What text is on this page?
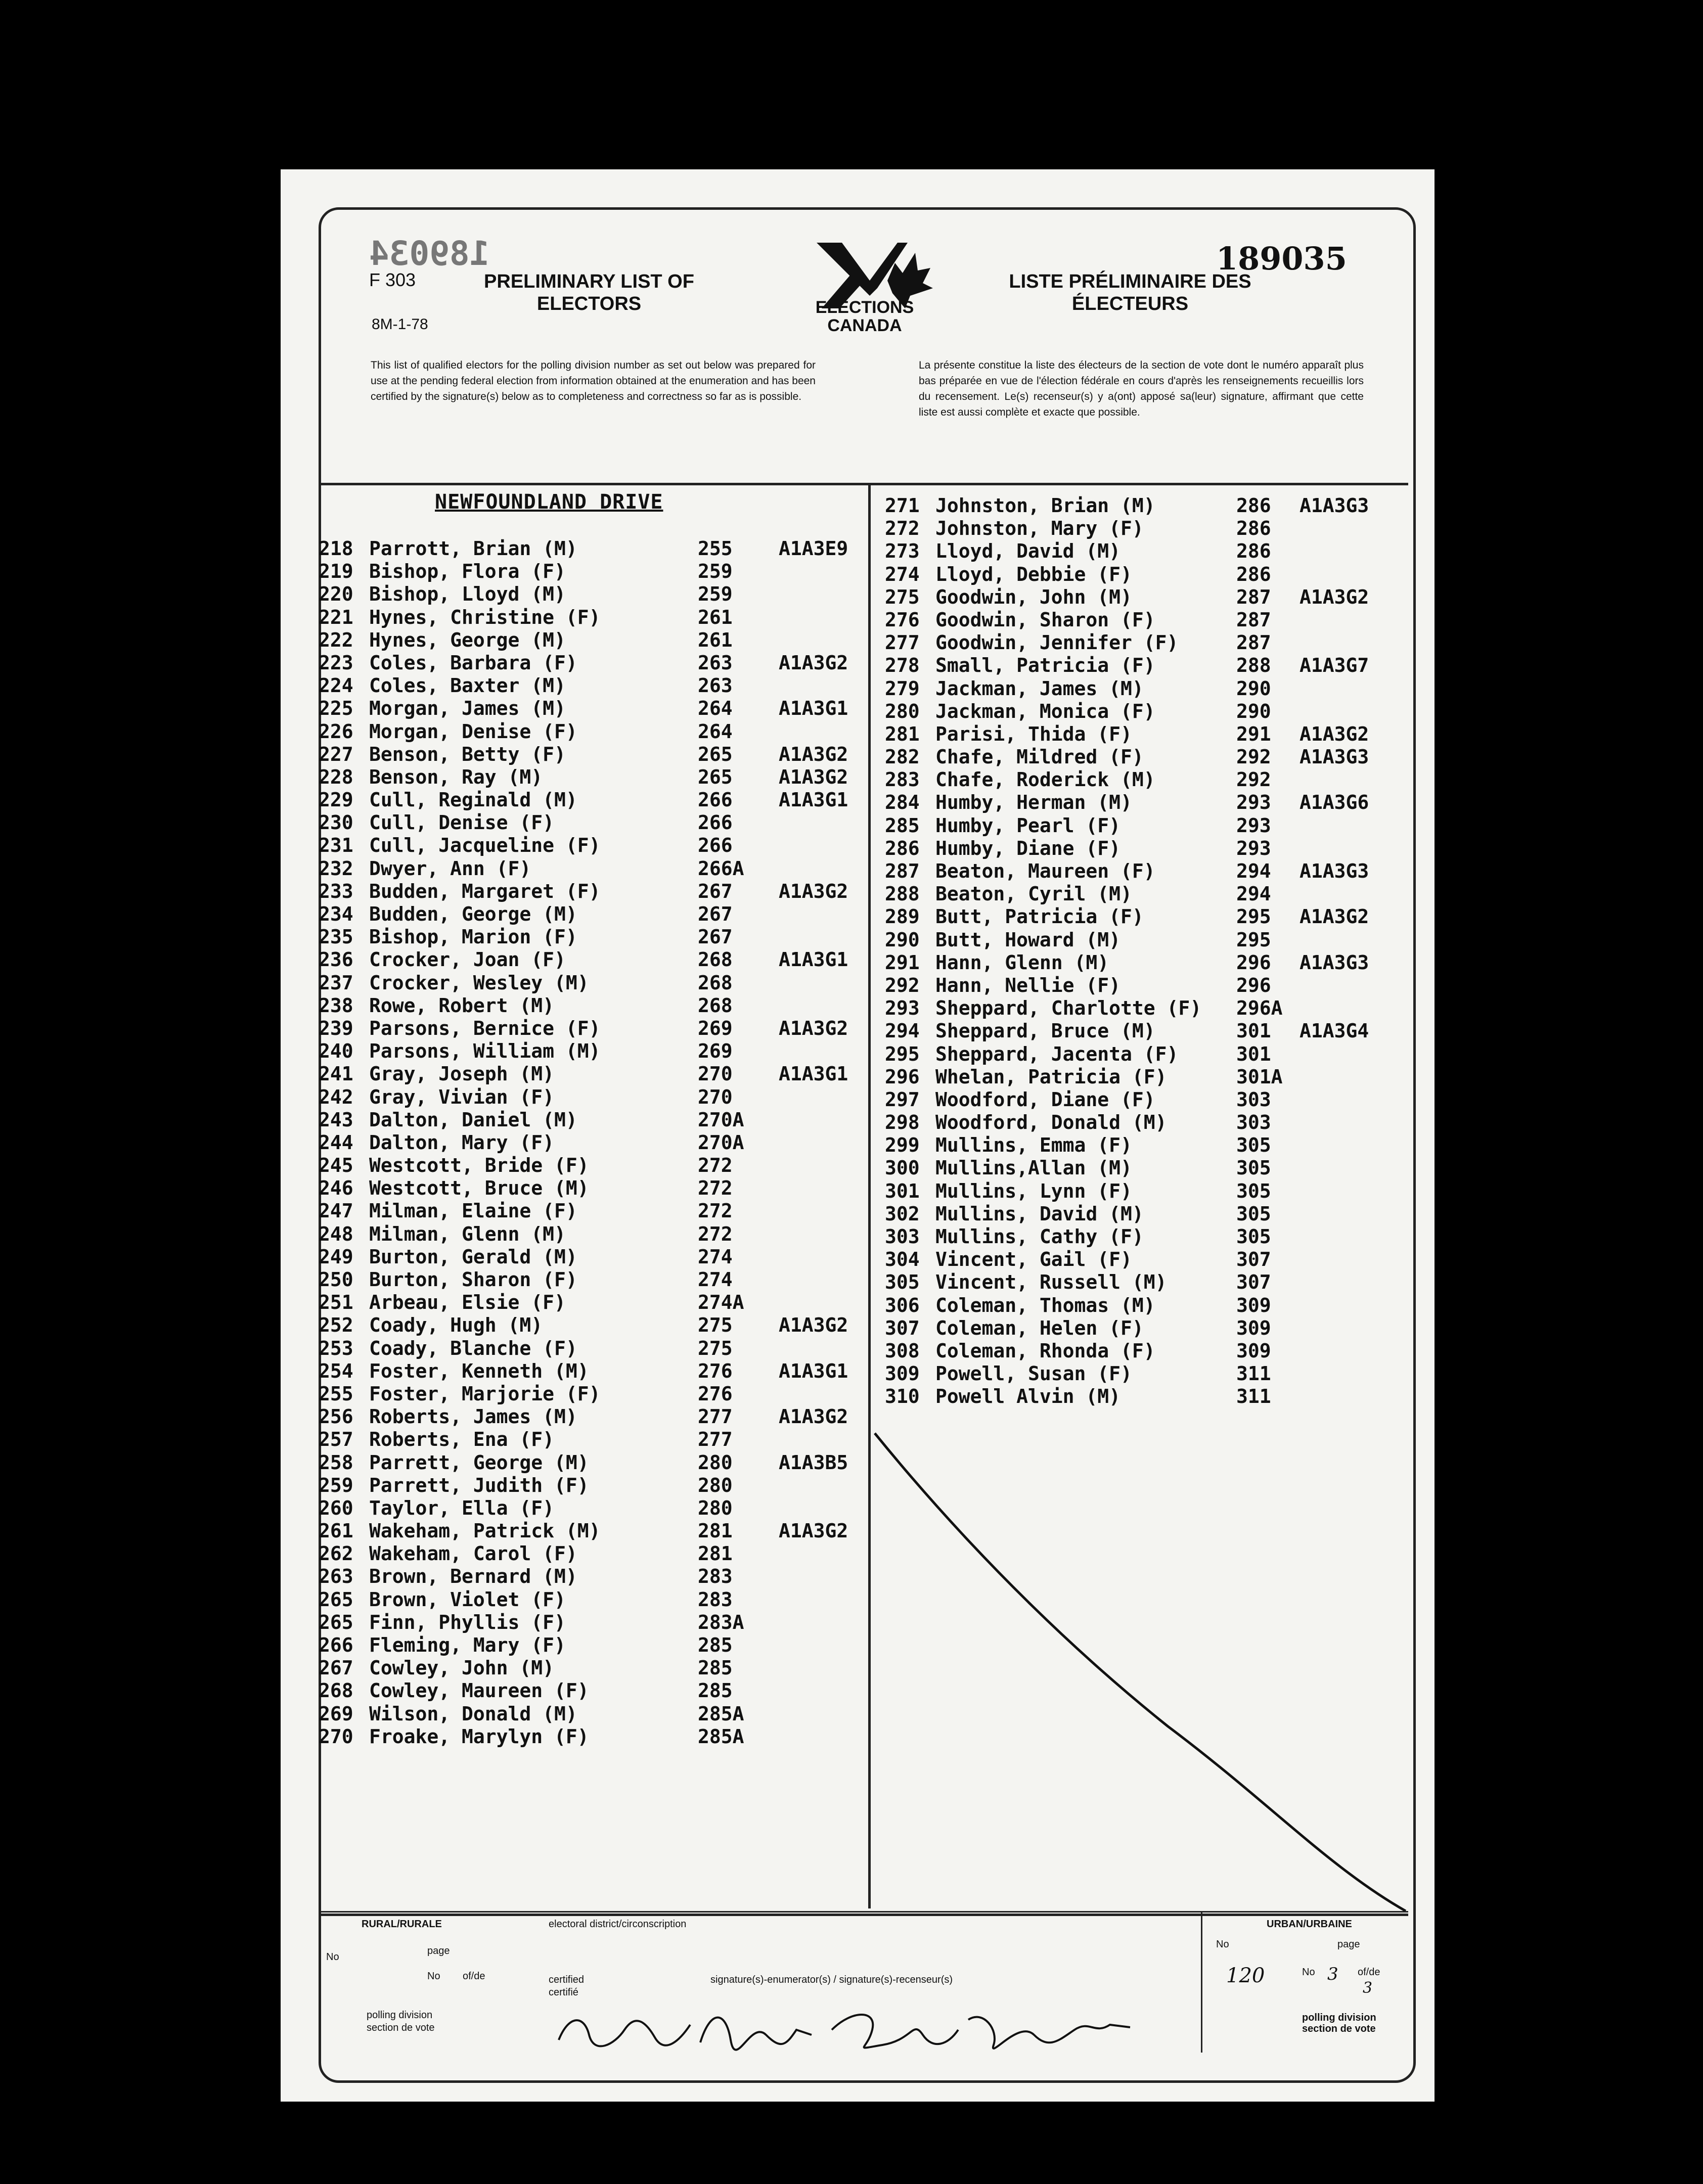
189034	189035
F 303
8M-1-78
PRELIMINARY LIST OF
ELECTORS	ELECTIONS
CANADA
LISTE PRÉLIMINAIRE DES
ÉLECTEURS
This list of qualified electors for the polling division number as set out below was prepared for use at the pending federal election from information obtained at the enumeration and has been certified by the signature(s) below as to completeness and correctness so far as is possible.
La présente constitue la liste des électeurs de la section de vote dont le numéro apparaît plus bas préparée en vue de l'élection fédérale en cours d'après les renseignements recueillis lors du recensement. Le(s) recenseur(s) y a(ont) apposé sa(leur) signature, affirmant que cette liste est aussi complète et exacte que possible.
NEWFOUNDLAND DRIVE
218 Parrott, Brian (M)	255 A1A3E9
219 Bishop, Flora (F)	259
220 Bishop, Lloyd (M)	259
221 Hynes, Christine (F)	261
222 Hynes, George (M)	261
223 Coles, Barbara (F)	263 A1A3G2
224 Coles, Baxter (M)	263
225 Morgan, James (M)	264 A1A3G1
226 Morgan, Denise (F)	264
227 Benson, Betty (F)	265 A1A3G2
228 Benson, Ray (M)	265 A1A3G2
229 Cull, Reginald (M)	266 A1A3G1
230 Cull, Denise (F)	266
231 Cull, Jacqueline (F)	266
232 Dwyer, Ann (F)	266A
233 Budden, Margaret (F)	267 A1A3G2
234 Budden, George (M)	267
235 Bishop, Marion (F)	267
236 Crocker, Joan (F)	268 A1A3G1
237 Crocker, Wesley (M)	268
238 Rowe, Robert (M)	268
239 Parsons, Bernice (F)	269 A1A3G2
240 Parsons, William (M)	269
241 Gray, Joseph (M)	270 A1A3G1
242 Gray, Vivian (F)	270
243 Dalton, Daniel (M)	270A
244 Dalton, Mary (F)	270A
245 Westcott, Bride (F)	272
246 Westcott, Bruce (M)	272
247 Milman, Elaine (F)	272
248 Milman, Glenn (M)	272
249 Burton, Gerald (M)	274
250 Burton, Sharon (F)	274
251 Arbeau, Elsie (F)	274A
252 Coady, Hugh (M)	275 A1A3G2
253 Coady, Blanche (F)	275
254 Foster, Kenneth (M)	276 A1A3G1
255 Foster, Marjorie (F)	276
256 Roberts, James (M)	277 A1A3G2
257 Roberts, Ena (F)	277
258 Parrett, George (M)	280 A1A3B5
259 Parrett, Judith (F)	280
260 Taylor, Ella (F)	280
261 Wakeham, Patrick (M)	281 A1A3G2
262 Wakeham, Carol (F)	281
263 Brown, Bernard (M)	283
265 Brown, Violet (F)	283
265 Finn, Phyllis (F)	283A
266 Fleming, Mary (F)	285
267 Cowley, John (M)	285
268 Cowley, Maureen (F)	285
269 Wilson, Donald (M)	285A
270 Froake, Marylyn (F)	285A
271 Johnston, Brian (M)	286 A1A3G3
272 Johnston, Mary (F)	286
273 Lloyd, David (M)	286
274 Lloyd, Debbie (F)	286
275 Goodwin, John (M)	287 A1A3G2
276 Goodwin, Sharon (F)	287
277 Goodwin, Jennifer (F)	287
278 Small, Patricia (F)	288 A1A3G7
279 Jackman, James (M)	290
280 Jackman, Monica (F)	290
281 Parisi, Thida (F)	291 A1A3G2
282 Chafe, Mildred (F)	292 A1A3G3
283 Chafe, Roderick (M)	292
284 Humby, Herman (M)	293 A1A3G6
285 Humby, Pearl (F)	293
286 Humby, Diane (F)	293
287 Beaton, Maureen (F)	294 A1A3G3
288 Beaton, Cyril (M)	294
289 Butt, Patricia (F)	295 A1A3G2
290 Butt, Howard (M)	295
291 Hann, Glenn (M)	296 A1A3G3
292 Hann, Nellie (F)	296
293 Sheppard, Charlotte (F) 296A
294 Sheppard, Bruce (M)	301 A1A3G4
295 Sheppard, Jacenta (F)	301
296 Whelan, Patricia (F)	301A
297 Woodford, Diane (F)	303
298 Woodford, Donald (M)	303
299 Mullins, Emma (F)	305
300 Mullins,Allan (M)	305
301 Mullins, Lynn (F)	305
302 Mullins, David (M)	305
303 Mullins, Cathy (F)	305
304 Vincent, Gail (F)	307
305 Vincent, Russell (M)	307
306 Coleman, Thomas (M)	309
307 Coleman, Helen (F)	309
308 Coleman, Rhonda (F)	309
309 Powell, Susan (F)	311
310 Powell Alvin (M)	311
RURAL/RURALE	electoral district/circonscription
No
page
No of/de
polling division
section de vote
certified
certifié
signature(s)-enumerator(s) / signature(s)-recenseur(s)
URBAN/URBAINE
No	page
120	No 3 of/de
3
polling division
section de vote
